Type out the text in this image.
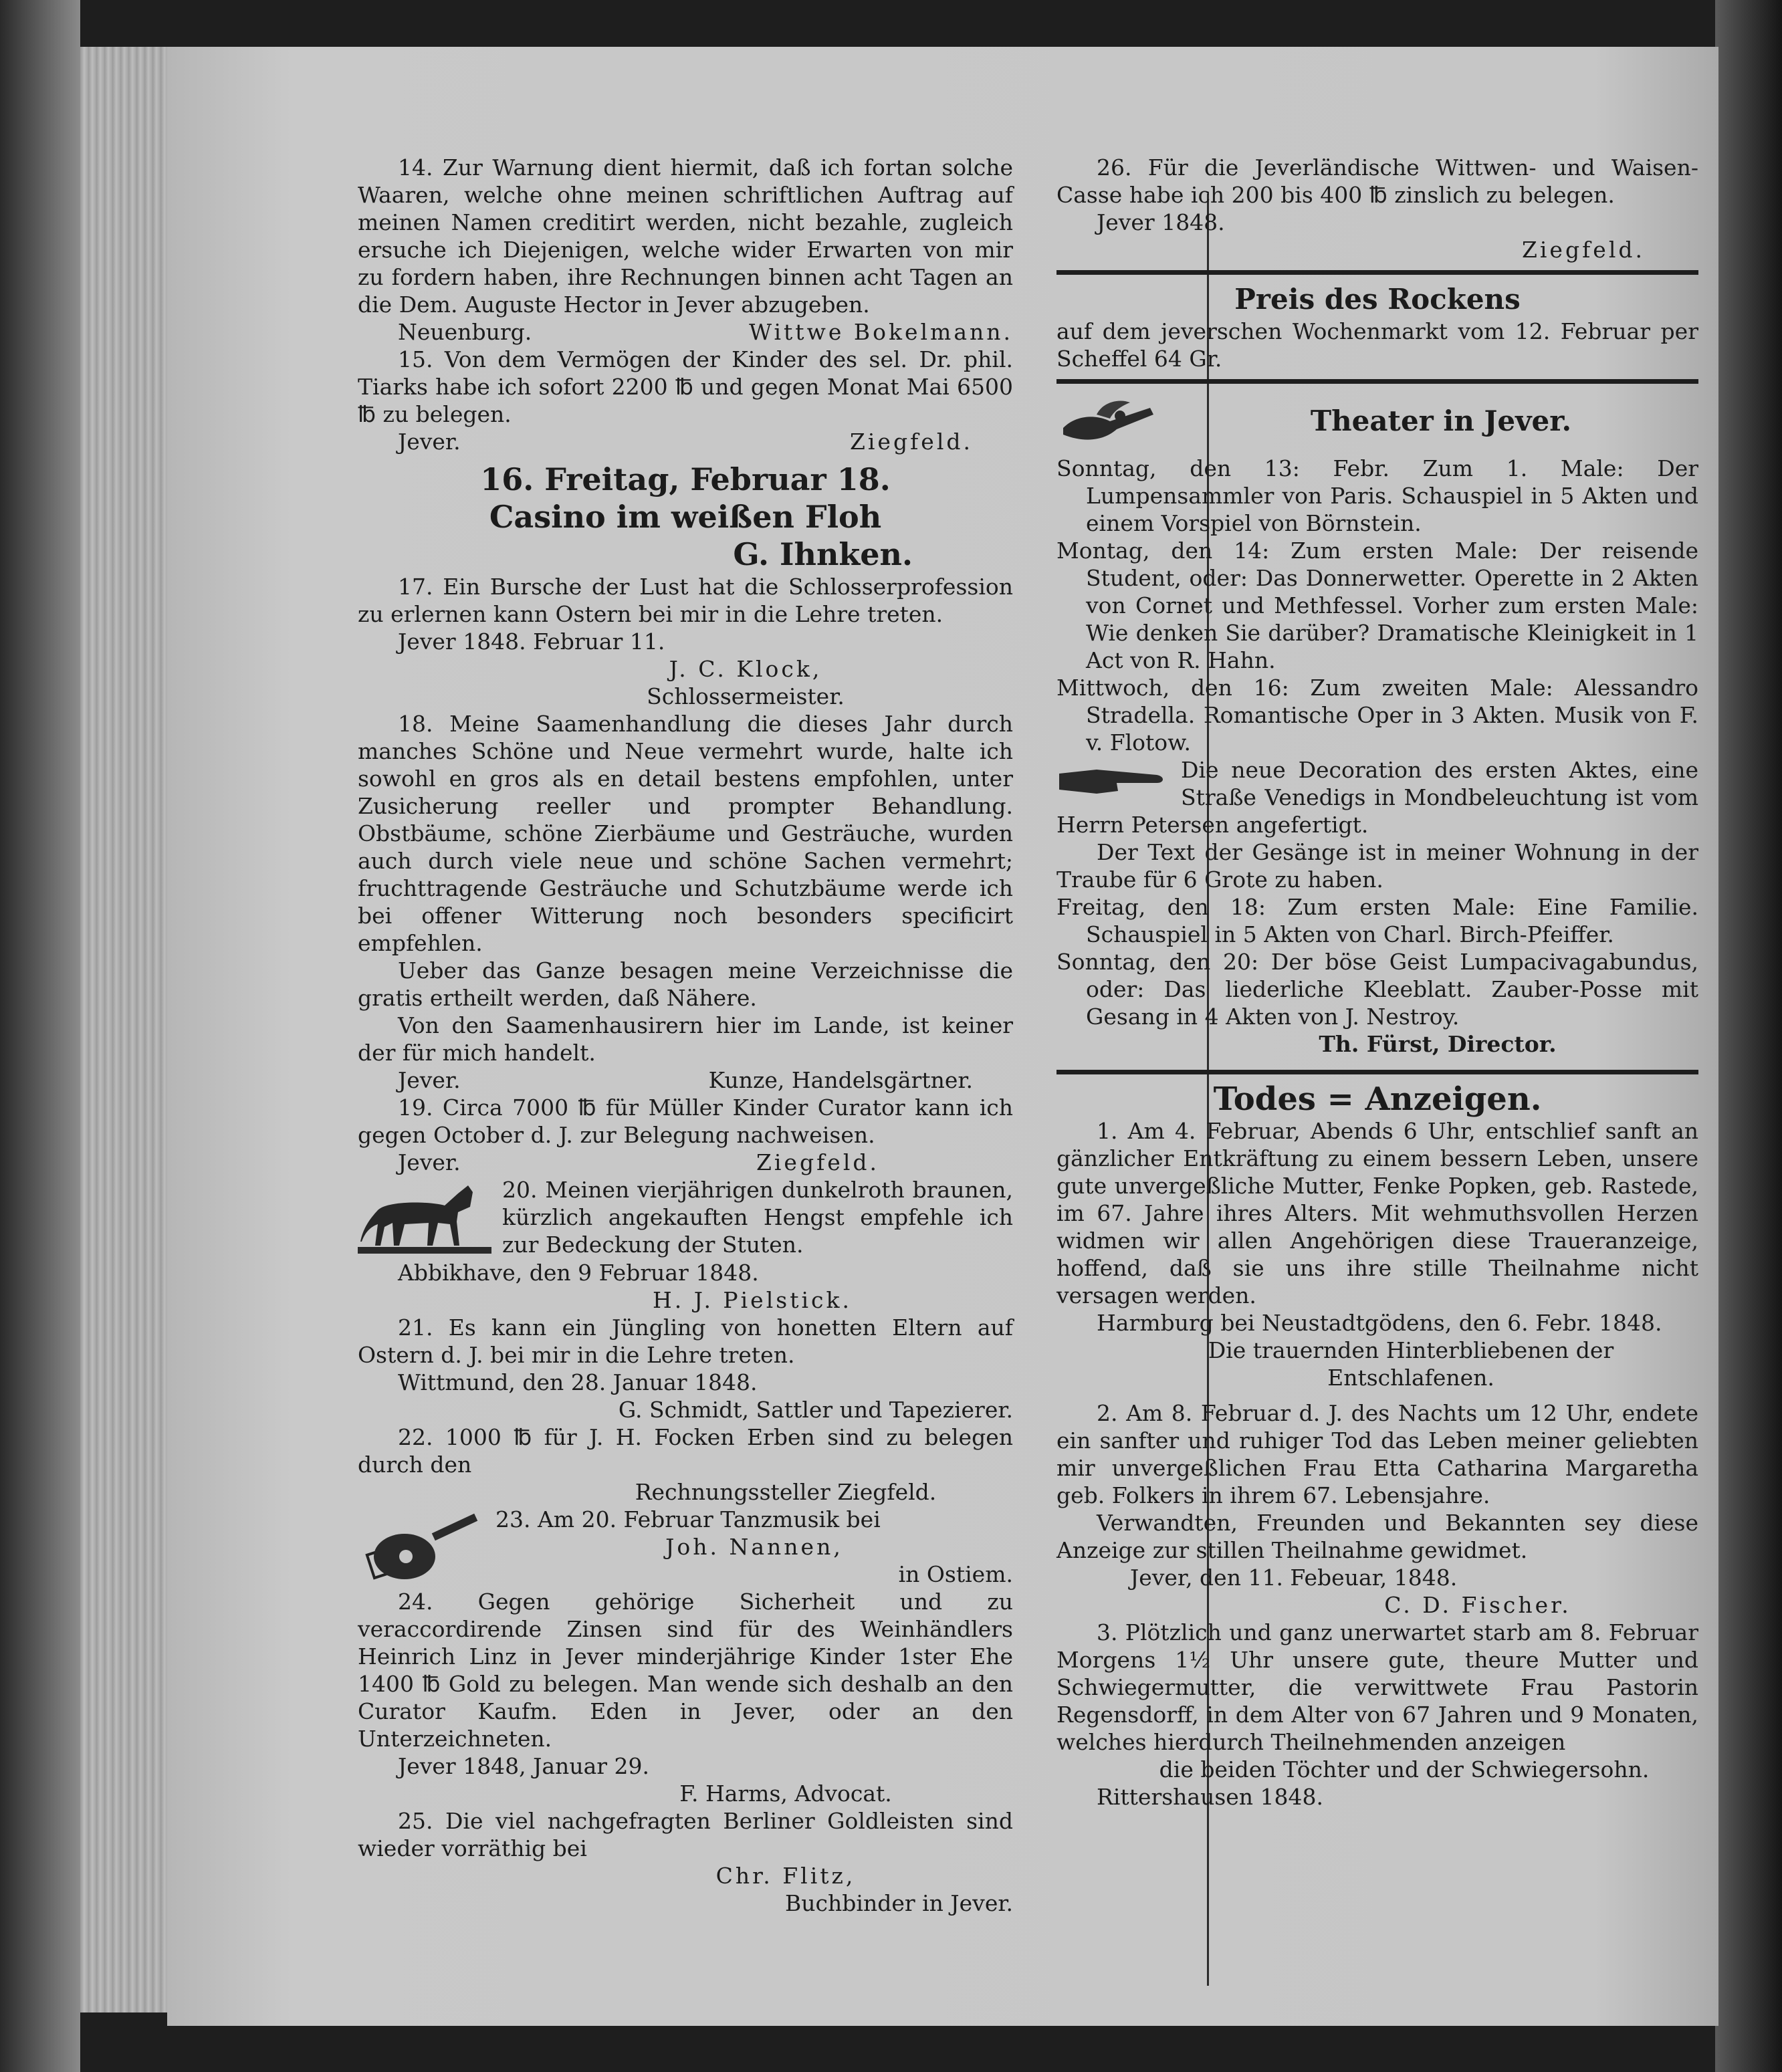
14. Zur Warnung dient hiermit, daß ich fortan solche Waaren, welche ohne meinen schriftlichen Auftrag auf meinen Namen creditirt werden, nicht bezahle, zugleich ersuche ich Diejenigen, welche wider Erwarten von mir zu fordern haben, ihre Rechnungen binnen acht Tagen an die Dem. Auguste Hector in Jever abzugeben.

Neuenburg.	Wittwe Bokelmann.

15. Von dem Vermögen der Kinder des sel. Dr. phil. Tiarks habe ich sofort 2200 ℔ und gegen Monat Mai 6500 ℔ zu belegen.

Jever.	Ziegfeld.
16. Freitag, Februar 18.
Casino im weißen Floh
G. Ihnken.

17. Ein Bursche der Lust hat die Schlosserprofession zu erlernen kann Ostern bei mir in die Lehre treten.

Jever 1848. Februar 11.

J. C. Klock,

Schlossermeister.

18. Meine Saamenhandlung die dieses Jahr durch manches Schöne und Neue vermehrt wurde, halte ich sowohl en gros als en detail bestens empfohlen, unter Zusicherung reeller und prompter Behandlung. Obstbäume, schöne Zierbäume und Gesträuche, wurden auch durch viele neue und schöne Sachen vermehrt; fruchttragende Gesträuche und Schutzbäume werde ich bei offener Witterung noch besonders specificirt empfehlen.

Ueber das Ganze besagen meine Verzeichnisse die gratis ertheilt werden, daß Nähere.

Von den Saamenhausirern hier im Lande, ist keiner der für mich handelt.

Jever.	Kunze, Handelsgärtner.

19. Circa 7000 ℔ für Müller Kinder Curator kann ich gegen October d. J. zur Belegung nachweisen.

Jever.	Ziegfeld.

20. Meinen vierjährigen dunkelroth braunen, kürzlich angekauften Hengst empfehle ich zur Bedeckung der Stuten.

Abbikhave, den 9 Februar 1848.

H. J. Pielstick.

21. Es kann ein Jüngling von honetten Eltern auf Ostern d. J. bei mir in die Lehre treten.

Wittmund, den 28. Januar 1848.

G. Schmidt, Sattler und Tapezierer.

22. 1000 ℔ für J. H. Focken Erben sind zu belegen durch den

Rechnungssteller Ziegfeld.

23. Am 20. Februar Tanzmusik bei

Joh. Nannen,

in Ostiem.

24. Gegen gehörige Sicherheit und zu veraccordirende Zinsen sind für des Weinhändlers Heinrich Linz in Jever minderjährige Kinder 1ster Ehe 1400 ℔ Gold zu belegen. Man wende sich deshalb an den Curator Kaufm. Eden in Jever, oder an den Unterzeichneten.

Jever 1848, Januar 29.

F. Harms, Advocat.

25. Die viel nachgefragten Berliner Goldleisten sind wieder vorräthig bei

Chr. Flitz,

Buchbinder in Jever.

26. Für die Jeverländische Wittwen- und Waisen-Casse habe ich 200 bis 400 ℔ zinslich zu belegen.

Jever 1848.

Ziegfeld.

Preis des Rockens

auf dem jeverschen Wochenmarkt vom 12. Februar per Scheffel 64 Gr.

Theater in Jever.

Sonntag, den 13: Febr. Zum 1. Male: Der Lumpensammler von Paris. Schauspiel in 5 Akten und einem Vorspiel von Börnstein.

Montag, den 14: Zum ersten Male: Der reisende Student, oder: Das Donnerwetter. Operette in 2 Akten von Cornet und Methfessel. Vorher zum ersten Male: Wie denken Sie darüber? Dramatische Kleinigkeit in 1 Act von R. Hahn.

Mittwoch, den 16: Zum zweiten Male: Alessandro Stradella. Romantische Oper in 3 Akten. Musik von F. v. Flotow.

Die neue Decoration des ersten Aktes, eine Straße Venedigs in Mondbeleuchtung ist vom Herrn Petersen angefertigt.

Der Text der Gesänge ist in meiner Wohnung in der Traube für 6 Grote zu haben.

Freitag, den 18: Zum ersten Male: Eine Familie. Schauspiel in 5 Akten von Charl. Birch-Pfeiffer.

Sonntag, den 20: Der böse Geist Lumpacivagabundus, oder: Das liederliche Kleeblatt. Zauber-Posse mit Gesang in 4 Akten von J. Nestroy.

Th. Fürst, Director.

Todes = Anzeigen.

1. Am 4. Februar, Abends 6 Uhr, entschlief sanft an gänzlicher Entkräftung zu einem bessern Leben, unsere gute unvergeßliche Mutter, Fenke Popken, geb. Rastede, im 67. Jahre ihres Alters. Mit wehmuthsvollen Herzen widmen wir allen Angehörigen diese Traueranzeige, hoffend, daß sie uns ihre stille Theilnahme nicht versagen werden.

Harmburg bei Neustadtgödens, den 6. Febr. 1848.

Die trauernden Hinterbliebenen der Entschlafenen.

2. Am 8. Februar d. J. des Nachts um 12 Uhr, endete ein sanfter und ruhiger Tod das Leben meiner geliebten mir unvergeßlichen Frau Etta Catharina Margaretha geb. Folkers in ihrem 67. Lebensjahre.

Verwandten, Freunden und Bekannten sey diese Anzeige zur stillen Theilnahme gewidmet.

Jever, den 11. Febeuar, 1848.

C. D. Fischer.

3. Plötzlich und ganz unerwartet starb am 8. Februar Morgens 1½ Uhr unsere gute, theure Mutter und Schwiegermutter, die verwittwete Frau Pastorin Regensdorff, in dem Alter von 67 Jahren und 9 Monaten, welches hierdurch Theilnehmenden anzeigen

die beiden Töchter und der Schwiegersohn.

Rittershausen 1848.
